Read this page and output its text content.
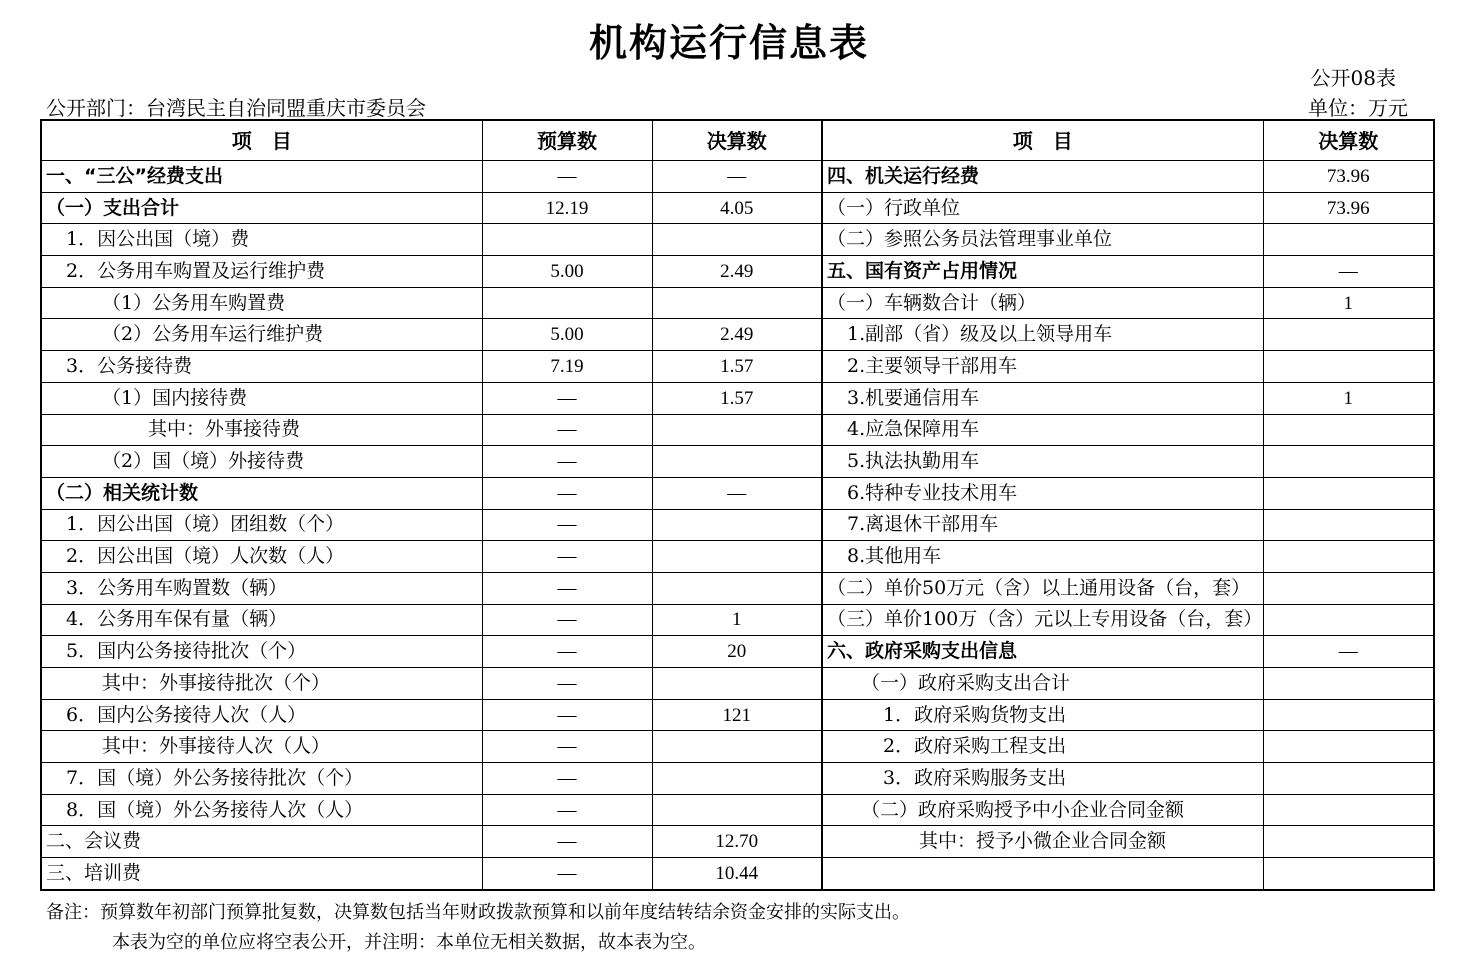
机构运行信息表
公开08表
公开部门：台湾民主自治同盟重庆市委员会	单位：万元
项　目	预算数	决算数	项　目	决算数
一、“三公”经费支出	—	—	四、机关运行经费	73.96
（一）支出合计	12.19	4.05	（一）行政单位	73.96
1．因公出国（境）费			（二）参照公务员法管理事业单位	
2．公务用车购置及运行维护费	5.00	2.49	五、国有资产占用情况	—
（1）公务用车购置费			（一）车辆数合计（辆）	1
（2）公务用车运行维护费	5.00	2.49	1.副部（省）级及以上领导用车	
3．公务接待费	7.19	1.57	2.主要领导干部用车	
（1）国内接待费	—	1.57	3.机要通信用车	1
其中：外事接待费	—		4.应急保障用车	
（2）国（境）外接待费	—		5.执法执勤用车	
（二）相关统计数	—	—	6.特种专业技术用车	
1．因公出国（境）团组数（个）	—		7.离退休干部用车	
2．因公出国（境）人次数（人）	—		8.其他用车	
3．公务用车购置数（辆）	—		（二）单价50万元（含）以上通用设备（台，套）	
4．公务用车保有量（辆）	—	1	（三）单价100万（含）元以上专用设备（台，套）	
5．国内公务接待批次（个）	—	20	六、政府采购支出信息	—
其中：外事接待批次（个）	—		（一）政府采购支出合计	
6．国内公务接待人次（人）	—	121	1．政府采购货物支出	
其中：外事接待人次（人）	—		2．政府采购工程支出	
7．国（境）外公务接待批次（个）	—		3．政府采购服务支出	
8．国（境）外公务接待人次（人）	—		（二）政府采购授予中小企业合同金额	
二、会议费	—	12.70	其中：授予小微企业合同金额	
三、培训费	—	10.44		
备注：预算数年初部门预算批复数，决算数包括当年财政拨款预算和以前年度结转结余资金安排的实际支出。
本表为空的单位应将空表公开，并注明：本单位无相关数据，故本表为空。
